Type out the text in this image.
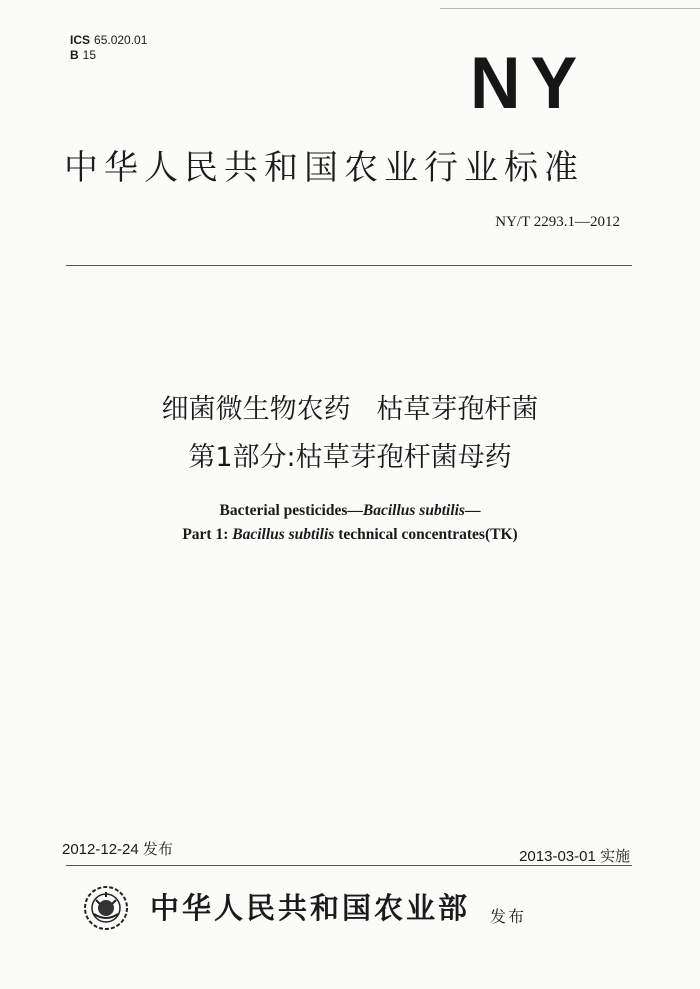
ICS 65.020.01
B 15	NY
中华人民共和国农业行业标准
NY/T 2293.1—2012
细菌微生物农药   枯草芽孢杆菌
第1部分:枯草芽孢杆菌母药
Bacterial pesticides—Bacillus subtilis—
Part 1: Bacillus subtilis technical concentrates(TK)
2012-12-24 发布	2013-03-01 实施
中华人民共和国农业部 发布
